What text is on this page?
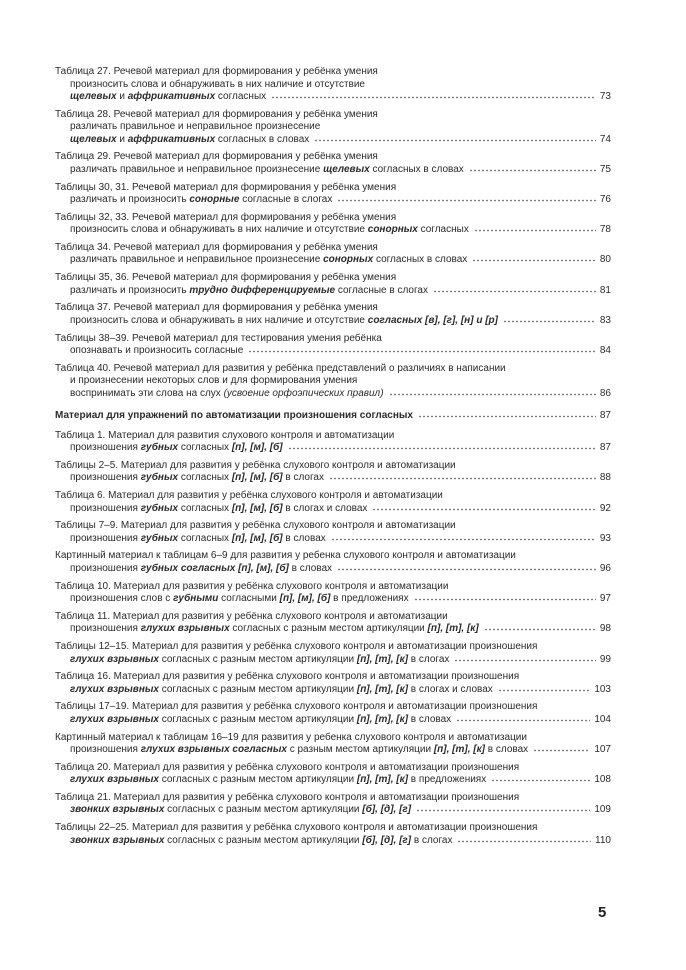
Таблица 27. Речевой материал для формирования у ребёнка умения
произносить слова и обнаруживать в них наличие и отсутствие
щелевых и аффрикативных согласных	73
Таблица 28. Речевой материал для формирования у ребёнка умения
различать правильное и неправильное произнесение
щелевых и аффрикативных согласных в словах	74
Таблица 29. Речевой материал для формирования у ребёнка умения
различать правильное и неправильное произнесение щелевых согласных в словах	75
Таблицы 30, 31. Речевой материал для формирования у ребёнка умения
различать и произносить сонорные согласные в слогах	76
Таблицы 32, 33. Речевой материал для формирования у ребёнка умения
произносить слова и обнаруживать в них наличие и отсутствие сонорных согласных	78
Таблица 34. Речевой материал для формирования у ребёнка умения
различать правильное и неправильное произнесение сонорных согласных в словах	80
Таблицы 35, 36. Речевой материал для формирования у ребёнка умения
различать и произносить трудно дифференцируемые согласные в слогах	81
Таблица 37. Речевой материал для формирования у ребёнка умения
произносить слова и обнаруживать в них наличие и отсутствие согласных [в], [г], [н] и [р]	83
Таблицы 38–39. Речевой материал для тестирования умения ребёнка
опознавать и произносить согласные	84
Таблица 40. Речевой материал для развития у ребёнка представлений о различиях в написании
и произнесении некоторых слов и для формирования умения
воспринимать эти слова на слух (усвоение орфоэпических правил)	86
Материал для упражнений по автоматизации произношения согласных	87
Таблица 1. Материал для развития слухового контроля и автоматизации
произношения губных согласных [п], [м], [б]	87
Таблицы 2–5. Материал для развития у ребёнка слухового контроля и автоматизации
произношения губных согласных [п], [м], [б] в слогах	88
Таблица 6. Материал для развития у ребёнка слухового контроля и автоматизации
произношения губных согласных [п], [м], [б] в слогах и словах	92
Таблицы 7–9. Материал для развития у ребёнка слухового контроля и автоматизации
произношения губных согласных [п], [м], [б] в словах	93
Картинный материал к таблицам 6–9 для развития у ребенка слухового контроля и автоматизации
произношения губных согласных [п], [м], [б] в словах	96
Таблица 10. Материал для развития у ребёнка слухового контроля и автоматизации
произношения слов с губными согласными [п], [м], [б] в предложениях	97
Таблица 11. Материал для развития у ребёнка слухового контроля и автоматизации
произношения глухих взрывных согласных с разным местом артикуляции [п], [т], [к]	98
Таблицы 12–15. Материал для развития у ребёнка слухового контроля и автоматизации произношения
глухих взрывных согласных с разным местом артикуляции [п], [т], [к] в слогах	99
Таблица 16. Материал для развития у ребёнка слухового контроля и автоматизации произношения
глухих взрывных согласных с разным местом артикуляции [п], [т], [к] в слогах и словах	103
Таблицы 17–19. Материал для развития у ребёнка слухового контроля и автоматизации произношения
глухих взрывных согласных с разным местом артикуляции [п], [т], [к] в словах	104
Картинный материал к таблицам 16–19 для развития у ребенка слухового контроля и автоматизации
произношения глухих взрывных согласных с разным местом артикуляции [п], [т], [к] в словах	107
Таблица 20. Материал для развития у ребёнка слухового контроля и автоматизации произношения
глухих взрывных согласных с разным местом артикуляции [п], [т], [к] в предложениях	108
Таблица 21. Материал для развития у ребёнка слухового контроля и автоматизации произношения
звонких взрывных согласных с разным местом артикуляции [б], [д], [г]	109
Таблицы 22–25. Материал для развития у ребёнка слухового контроля и автоматизации произношения
звонких взрывных согласных с разным местом артикуляции [б], [д], [г] в слогах	110
5
